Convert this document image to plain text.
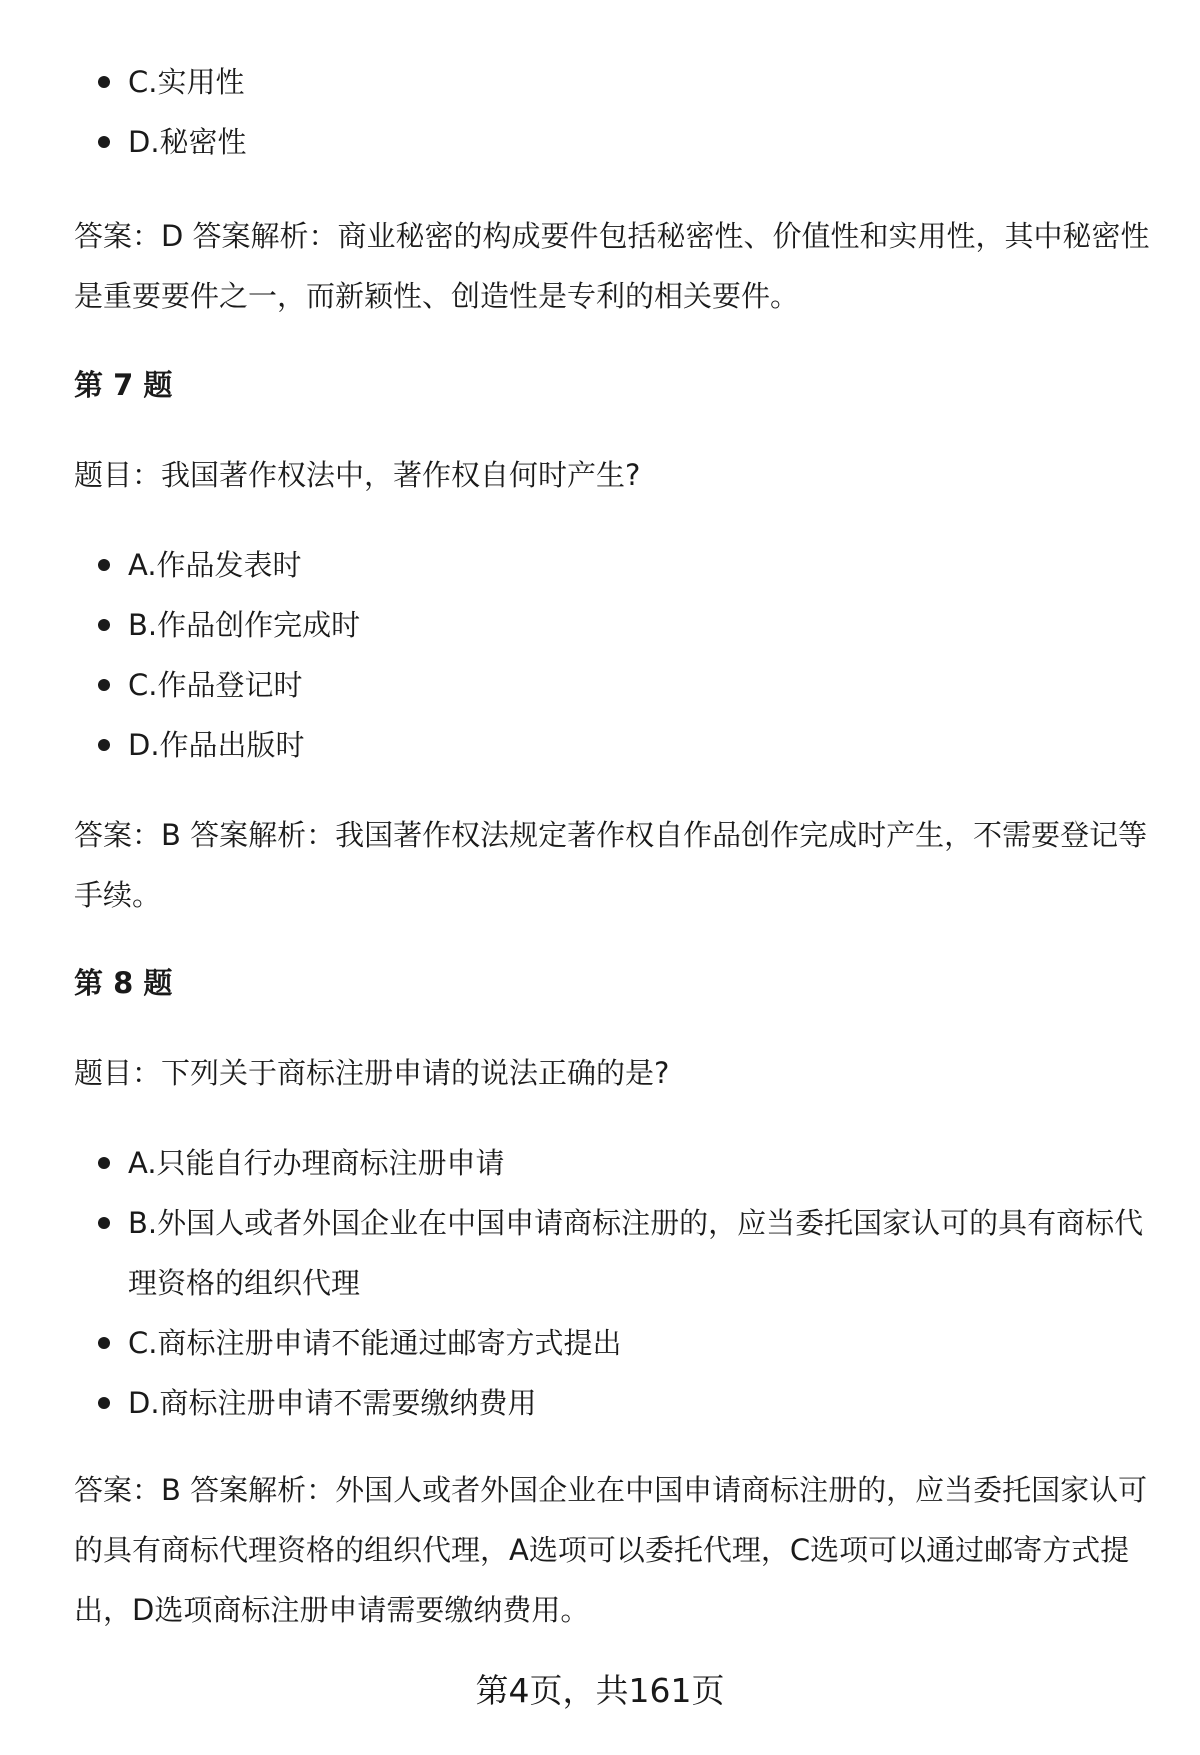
C.实用性
D.秘密性

答案：D 答案解析：商业秘密的构成要件包括秘密性、价值性和实用性，其中秘密性是重要要件之一，而新颖性、创造性是专利的相关要件。

第 7 题

题目：我国著作权法中，著作权自何时产生?

A.作品发表时
B.作品创作完成时
C.作品登记时
D.作品出版时

答案：B 答案解析：我国著作权法规定著作权自作品创作完成时产生，不需要登记等手续。

第 8 题

题目：下列关于商标注册申请的说法正确的是?

A.只能自行办理商标注册申请
B.外国人或者外国企业在中国申请商标注册的，应当委托国家认可的具有商标代理资格的组织代理
C.商标注册申请不能通过邮寄方式提出
D.商标注册申请不需要缴纳费用

答案：B 答案解析：外国人或者外国企业在中国申请商标注册的，应当委托国家认可的具有商标代理资格的组织代理，A选项可以委托代理，C选项可以通过邮寄方式提出，D选项商标注册申请需要缴纳费用。

第4页，共161页
